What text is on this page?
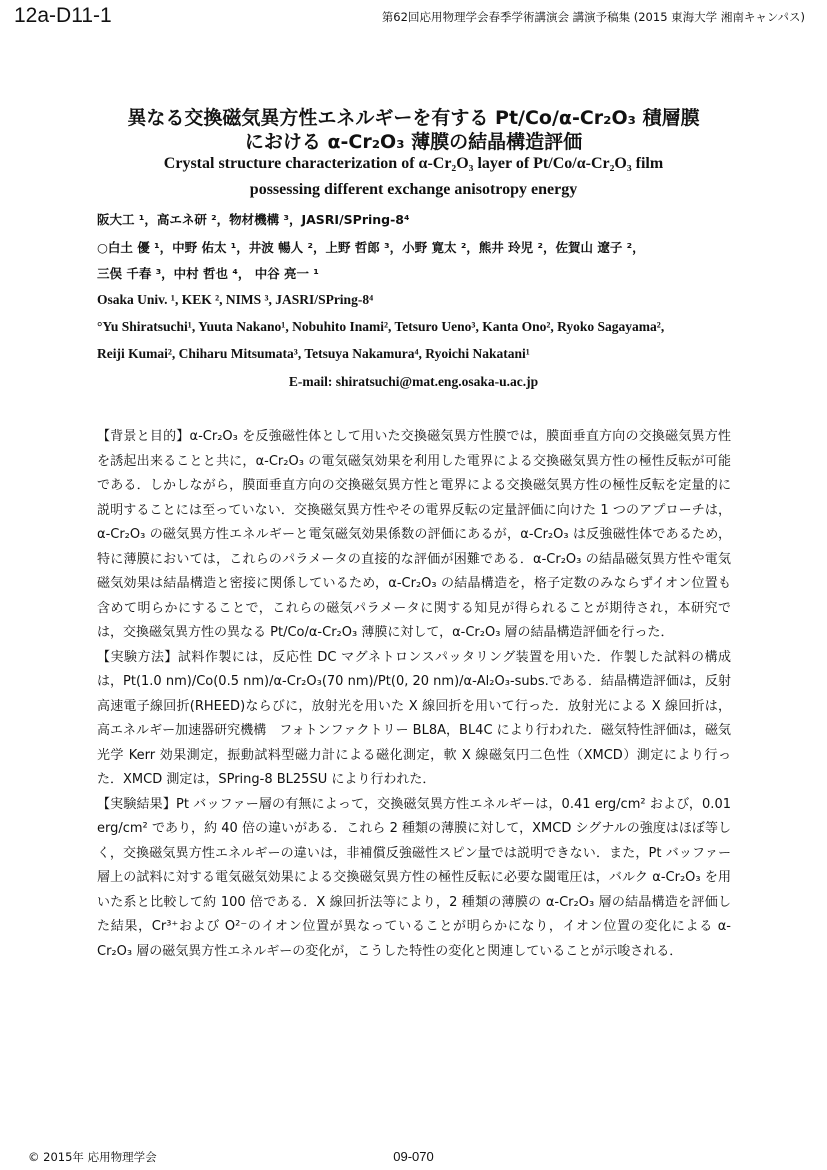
12a-D11-1	第62回応用物理学会春季学術講演会 講演予稿集 (2015 東海大学 湘南キャンパス)
異なる交換磁気異方性エネルギーを有する Pt/Co/α-Cr₂O₃ 積層膜
における α-Cr₂O₃ 薄膜の結晶構造評価
Crystal structure characterization of α-Cr₂O₃ layer of Pt/Co/α-Cr₂O₃ film
possessing different exchange anisotropy energy
阪大工 ¹，高エネ研 ²，物材機構 ³，JASRI/SPring-8⁴
○白土 優 ¹，中野 佑太 ¹，井波 暢人 ²，上野 哲郎 ³，小野 寛太 ²，熊井 玲児 ²，佐賀山 遼子 ²，
三俣 千春 ³，中村 哲也 ⁴， 中谷 亮一 ¹
Osaka Univ. ¹, KEK ², NIMS ³, JASRI/SPring-8⁴
°Yu Shiratsuchi¹, Yuuta Nakano¹, Nobuhito Inami², Tetsuro Ueno³, Kanta Ono², Ryoko Sagayama²,
Reiji Kumai², Chiharu Mitsumata³, Tetsuya Nakamura⁴, Ryoichi Nakatani¹
E-mail: shiratsuchi@mat.eng.osaka-u.ac.jp

【背景と目的】α-Cr₂O₃ を反強磁性体として用いた交換磁気異方性膜では，膜面垂直方向の交換磁気異方性を誘起出来ることと共に，α-Cr₂O₃ の電気磁気効果を利用した電界による交換磁気異方性の極性反転が可能である．しかしながら，膜面垂直方向の交換磁気異方性と電界による交換磁気異方性の極性反転を定量的に説明することには至っていない．交換磁気異方性やその電界反転の定量評価に向けた 1 つのアプローチは，α-Cr₂O₃ の磁気異方性エネルギーと電気磁気効果係数の評価にあるが，α-Cr₂O₃ は反強磁性体であるため，特に薄膜においては，これらのパラメータの直接的な評価が困難である．α-Cr₂O₃ の結晶磁気異方性や電気磁気効果は結晶構造と密接に関係しているため，α-Cr₂O₃ の結晶構造を，格子定数のみならずイオン位置も含めて明らかにすることで，これらの磁気パラメータに関する知見が得られることが期待され，本研究では，交換磁気異方性の異なる Pt/Co/α-Cr₂O₃ 薄膜に対して，α-Cr₂O₃ 層の結晶構造評価を行った．

【実験方法】試料作製には，反応性 DC マグネトロンスパッタリング装置を用いた．作製した試料の構成は，Pt(1.0 nm)/Co(0.5 nm)/α-Cr₂O₃(70 nm)/Pt(0, 20 nm)/α-Al₂O₃-subs.である．結晶構造評価は，反射高速電子線回折(RHEED)ならびに，放射光を用いた X 線回折を用いて行った．放射光による X 線回折は，高エネルギー加速器研究機構　フォトンファクトリー BL8A，BL4C により行われた．磁気特性評価は，磁気光学 Kerr 効果測定，振動試料型磁力計による磁化測定，軟 X 線磁気円二色性（XMCD）測定により行った．XMCD 測定は，SPring-8 BL25SU により行われた．

【実験結果】Pt バッファー層の有無によって，交換磁気異方性エネルギーは，0.41 erg/cm² および，0.01 erg/cm² であり，約 40 倍の違いがある．これら 2 種類の薄膜に対して，XMCD シグナルの強度はほぼ等しく，交換磁気異方性エネルギーの違いは，非補償反強磁性スピン量では説明できない．また，Pt バッファー層上の試料に対する電気磁気効果による交換磁気異方性の極性反転に必要な閾電圧は，バルク α-Cr₂O₃ を用いた系と比較して約 100 倍である．X 線回折法等により，2 種類の薄膜の α-Cr₂O₃ 層の結晶構造を評価した結果，Cr³⁺および O²⁻のイオン位置が異なっていることが明らかになり，イオン位置の変化による α-Cr₂O₃ 層の磁気異方性エネルギーの変化が，こうした特性の変化と関連していることが示唆される．

© 2015年 応用物理学会	09-070
